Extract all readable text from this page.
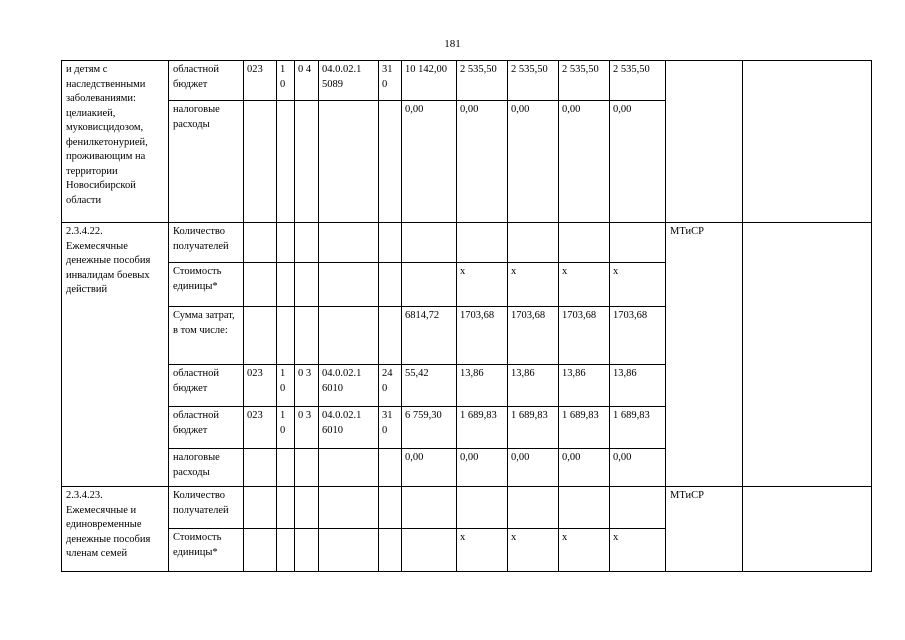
181
и детям с наследственными заболеваниями: целиакией, муковисцидозом, фенилкетонурией, проживающим на территории Новосибирской области	областной бюджет	023	1 0	0 4	04.0.02.1 5089	31 0	10 142,00	2 535,50	2 535,50	2 535,50	2 535,50		
	налоговые расходы						0,00	0,00	0,00	0,00	0,00		
2.3.4.22. Ежемесячные денежные пособия инвалидам боевых действий	Количество получателей											МТиСР	
	Стоимость единицы*							х	х	х	х		
	Сумма затрат, в том числе:						6814,72	1703,68	1703,68	1703,68	1703,68		
	областной бюджет	023	1 0	0 3	04.0.02.1 6010	24 0	55,42	13,86	13,86	13,86	13,86		
	областной бюджет	023	1 0	0 3	04.0.02.1 6010	31 0	6 759,30	1 689,83	1 689,83	1 689,83	1 689,83		
	налоговые расходы						0,00	0,00	0,00	0,00	0,00		
2.3.4.23. Ежемесячные и единовременные денежные пособия членам семей	Количество получателей											МТиСР	
	Стоимость единицы*							х	х	х	х		
